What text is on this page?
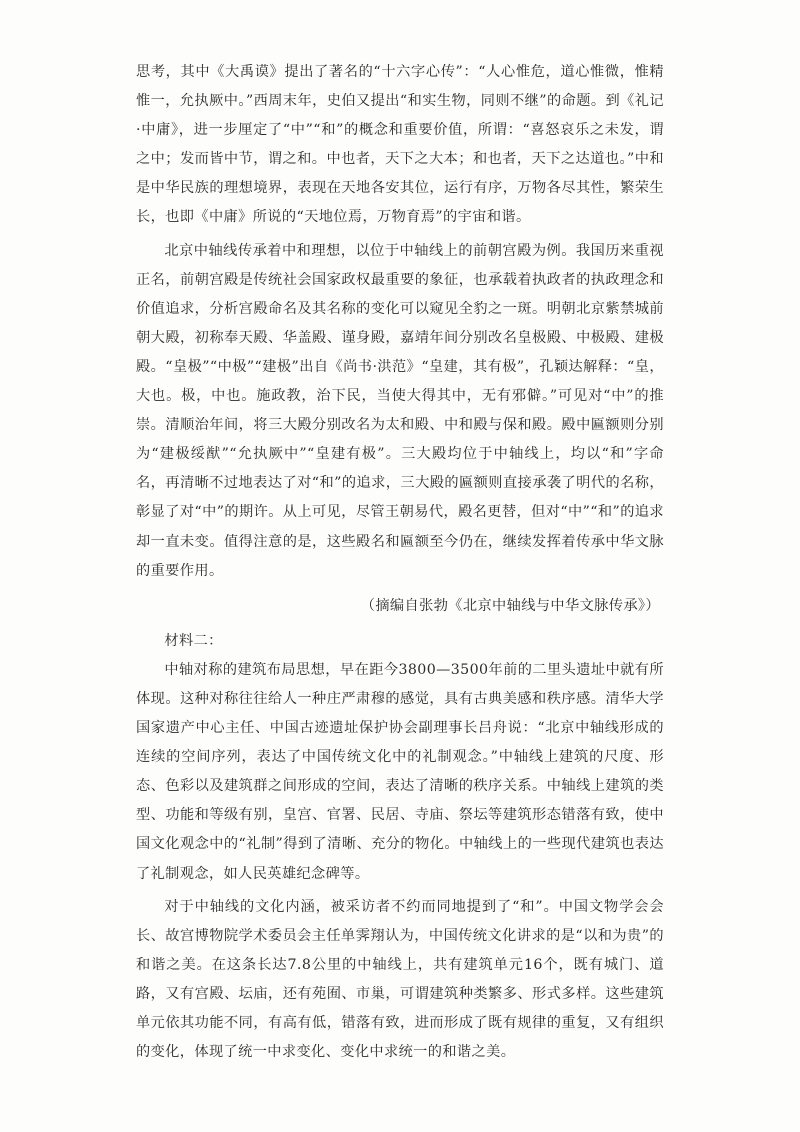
思考，其中《大禹谟》提出了著名的“十六字心传”：“人心惟危，道心惟微，惟精惟一，允执厥中。”西周末年，史伯又提出“和实生物，同则不继”的命题。到《礼记·中庸》，进一步厘定了“中”“和”的概念和重要价值，所谓：“喜怒哀乐之未发，谓之中；发而皆中节，谓之和。中也者，天下之大本；和也者，天下之达道也。”中和是中华民族的理想境界，表现在天地各安其位，运行有序，万物各尽其性，繁荣生长，也即《中庸》所说的“天地位焉，万物育焉”的宇宙和谐。

北京中轴线传承着中和理想，以位于中轴线上的前朝宫殿为例。我国历来重视正名，前朝宫殿是传统社会国家政权最重要的象征，也承载着执政者的执政理念和价值追求，分析宫殿命名及其名称的变化可以窥见全豹之一斑。明朝北京紫禁城前朝大殿，初称奉天殿、华盖殿、谨身殿，嘉靖年间分别改名皇极殿、中极殿、建极殿。“皇极”“中极”“建极”出自《尚书·洪范》“皇建，其有极”，孔颖达解释：“皇，大也。极，中也。施政教，治下民，当使大得其中，无有邪僻。”可见对“中”的推崇。清顺治年间，将三大殿分别改名为太和殿、中和殿与保和殿。殿中匾额则分别为“建极绥猷”“允执厥中”“皇建有极”。三大殿均位于中轴线上，均以“和”字命名，再清晰不过地表达了对“和”的追求，三大殿的匾额则直接承袭了明代的名称，彰显了对“中”的期许。从上可见，尽管王朝易代，殿名更替，但对“中”“和”的追求却一直未变。值得注意的是，这些殿名和匾额至今仍在，继续发挥着传承中华文脉的重要作用。

（摘编自张勃《北京中轴线与中华文脉传承》）

材料二：

中轴对称的建筑布局思想，早在距今3800—3500年前的二里头遗址中就有所体现。这种对称往往给人一种庄严肃穆的感觉，具有古典美感和秩序感。清华大学国家遗产中心主任、中国古迹遗址保护协会副理事长吕舟说：“北京中轴线形成的连续的空间序列，表达了中国传统文化中的礼制观念。”中轴线上建筑的尺度、形态、色彩以及建筑群之间形成的空间，表达了清晰的秩序关系。中轴线上建筑的类型、功能和等级有别，皇宫、官署、民居、寺庙、祭坛等建筑形态错落有致，使中国文化观念中的“礼制”得到了清晰、充分的物化。中轴线上的一些现代建筑也表达了礼制观念，如人民英雄纪念碑等。

对于中轴线的文化内涵，被采访者不约而同地提到了“和”。中国文物学会会长、故宫博物院学术委员会主任单霁翔认为，中国传统文化讲求的是“以和为贵”的和谐之美。在这条长达7.8公里的中轴线上，共有建筑单元16个，既有城门、道路，又有宫殿、坛庙，还有苑囿、市巢，可谓建筑种类繁多、形式多样。这些建筑单元依其功能不同，有高有低，错落有致，进而形成了既有规律的重复，又有组织的变化，体现了统一中求变化、变化中求统一的和谐之美。
